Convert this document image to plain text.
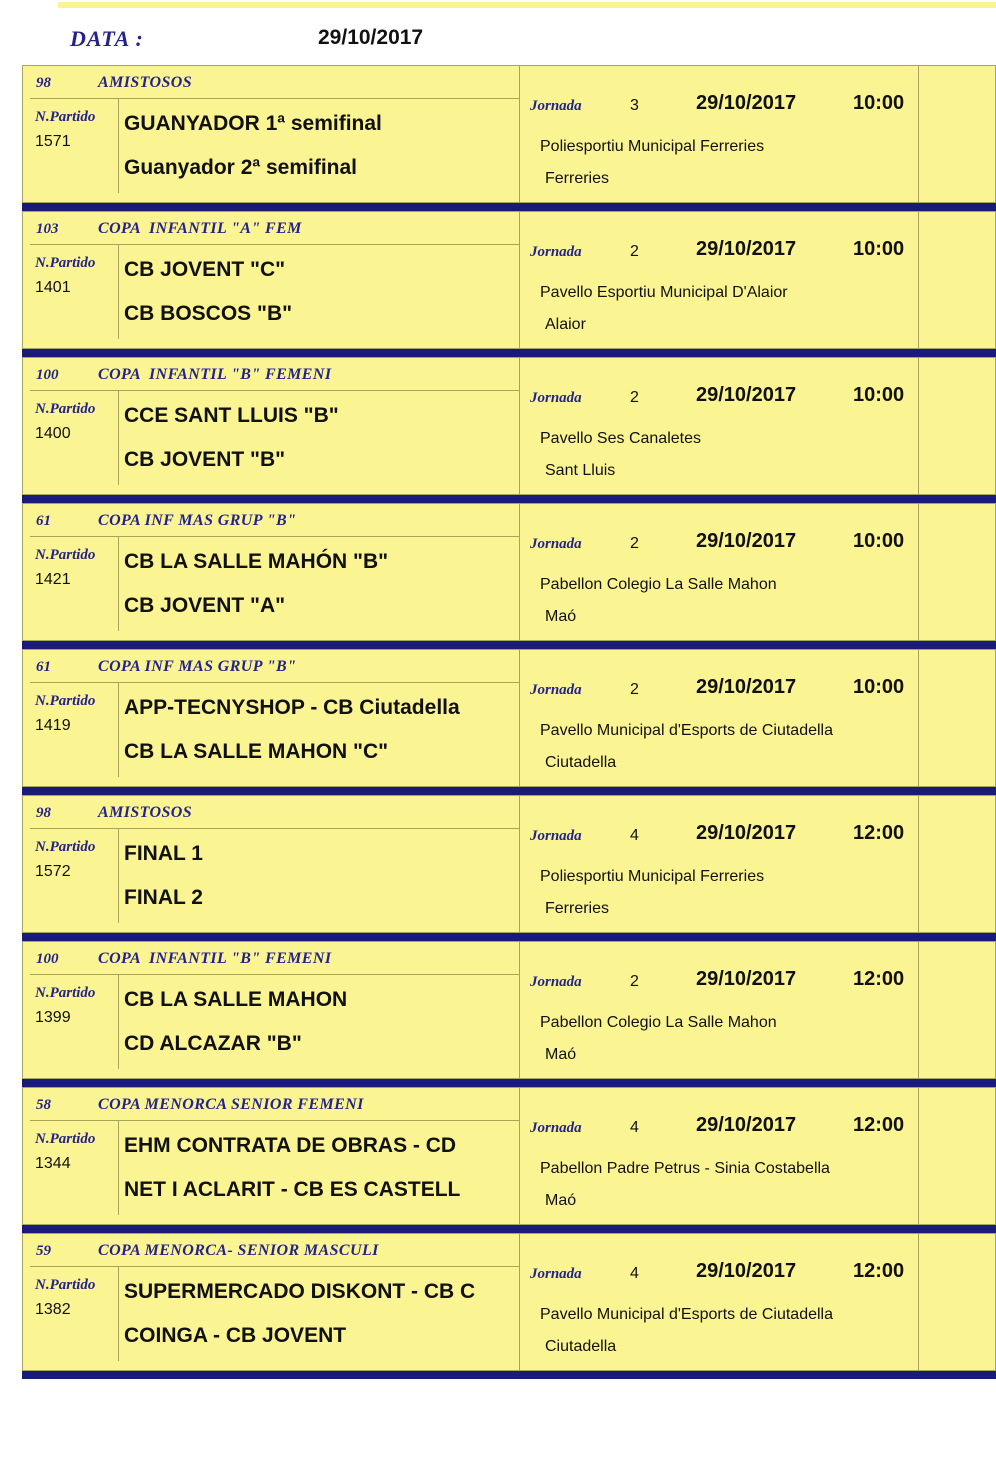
DATA :	29/10/2017
98	AMISTOSOS
N.Partido
1571
GUANYADOR 1ª semifinal
Guanyador 2ª semifinal
Jornada	3	29/10/2017	10:00
Poliesportiu Municipal Ferreries
Ferreries
103 COPA  INFANTIL "A" FEM
N.Partido
1401
CB JOVENT "C"
CB BOSCOS "B"
Jornada	2	29/10/2017	10:00
Pavello Esportiu Municipal D'Alaior
Alaior
100 COPA  INFANTIL "B" FEMENI
N.Partido
1400
CCE SANT LLUIS "B"
CB JOVENT "B"
Jornada	2	29/10/2017	10:00
Pavello Ses Canaletes
Sant Lluis
61	COPA INF MAS GRUP "B"
N.Partido
1421
CB LA SALLE MAHÓN "B"
CB JOVENT "A"
Jornada	2	29/10/2017	10:00
Pabellon Colegio La Salle Mahon
Maó
61	COPA INF MAS GRUP "B"
N.Partido
1419
APP-TECNYSHOP - CB Ciutadella
CB LA SALLE MAHON "C"
Jornada	2	29/10/2017	10:00
Pavello Municipal d'Esports de Ciutadella
Ciutadella
98	AMISTOSOS
N.Partido
1572
FINAL 1
FINAL 2
Jornada	4	29/10/2017	12:00
Poliesportiu Municipal Ferreries
Ferreries
100 COPA  INFANTIL "B" FEMENI
N.Partido
1399
CB LA SALLE MAHON
CD ALCAZAR "B"
Jornada	2	29/10/2017	12:00
Pabellon Colegio La Salle Mahon
Maó
58	COPA MENORCA SENIOR FEMENI
N.Partido
1344
EHM CONTRATA DE OBRAS - CD
NET I ACLARIT - CB ES CASTELL
Jornada	4	29/10/2017	12:00
Pabellon Padre Petrus - Sinia Costabella
Maó
59	COPA MENORCA- SENIOR MASCULI
N.Partido
1382
SUPERMERCADO DISKONT - CB C
COINGA - CB JOVENT
Jornada	4	29/10/2017	12:00
Pavello Municipal d'Esports de Ciutadella
Ciutadella
